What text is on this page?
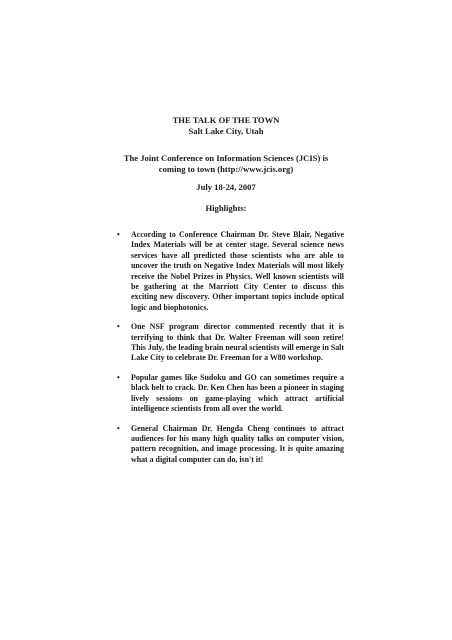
THE TALK OF THE TOWN
Salt Lake City, Utah
The Joint Conference on Information Sciences (JCIS) is
coming to town (http://www.jcis.org)
July 18-24, 2007
Highlights:
• According to Conference Chairman Dr. Steve Blair, Negative Index Materials will be at center stage. Several science news services have all predicted those scientists who are able to uncover the truth on Negative Index Materials will most likely receive the Nobel Prizes in Physics. Well known scientists will be gathering at the Marriott City Center to discuss this exciting new discovery. Other important topics include optical logic and biophotonics.
• One NSF program director commented recently that it is terrifying to think that Dr. Walter Freeman will soon retire! This July, the leading brain neural scientists will emerge in Salt Lake City to celebrate Dr. Freeman for a W80 workshop.
• Popular games like Sudoku and GO can sometimes require a black belt to crack. Dr. Ken Chen has been a pioneer in staging lively sessions on game-playing which attract artificial intelligence scientists from all over the world.
• General Chairman Dr. Hengda Cheng continues to attract audiences for his many high quality talks on computer vision, pattern recognition, and image processing. It is quite amazing what a digital computer can do, isn't it!
